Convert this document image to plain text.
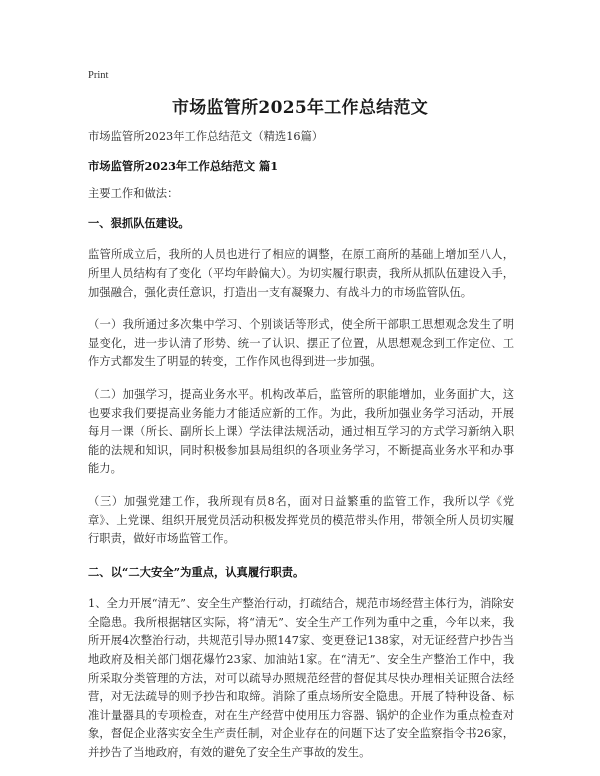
Print
市场监管所2025年工作总结范文

市场监管所2023年工作总结范文（精选16篇）

市场监管所2023年工作总结范文 篇1

主要工作和做法：

一、狠抓队伍建设。

监管所成立后，我所的人员也进行了相应的调整，在原工商所的基础上增加至八人，所里人员结构有了变化（平均年龄偏大）。为切实履行职责，我所从抓队伍建设入手，加强融合，强化责任意识，打造出一支有凝聚力、有战斗力的市场监管队伍。

（一）我所通过多次集中学习、个别谈话等形式，使全所干部职工思想观念发生了明显变化，进一步认清了形势、统一了认识、摆正了位置，从思想观念到工作定位、工作方式都发生了明显的转变，工作作风也得到进一步加强。

（二）加强学习，提高业务水平。机构改革后，监管所的职能增加，业务面扩大，这也要求我们要提高业务能力才能适应新的工作。为此，我所加强业务学习活动，开展每月一课（所长、副所长上课）学法律法规活动，通过相互学习的方式学习新纳入职能的法规和知识，同时积极参加县局组织的各项业务学习，不断提高业务水平和办事能力。

（三）加强党建工作，我所现有员8名，面对日益繁重的监管工作，我所以学《党章》、上党课、组织开展党员活动积极发挥党员的模范带头作用，带领全所人员切实履行职责，做好市场监管工作。

二、以“二大安全”为重点，认真履行职责。

1、全力开展“清无”、安全生产整治行动，打疏结合，规范市场经营主体行为，消除安全隐患。我所根据辖区实际，将“清无”、安全生产工作列为重中之重，今年以来，我所开展4次整治行动，共规范引导办照147家、变更登记138家，对无证经营户抄告当地政府及相关部门烟花爆竹23家、加油站1家。在“清无”、安全生产整治工作中，我所采取分类管理的方法，对可以疏导办照规范经营的督促其尽快办理相关证照合法经营，对无法疏导的则予抄告和取缔。消除了重点场所安全隐患。开展了特种设备、标准计量器具的专项检查，对在生产经营中使用压力容器、锅炉的企业作为重点检查对象，督促企业落实安全生产责任制，对企业存在的问题下达了安全监察指令书26家，并抄告了当地政府，有效的避免了安全生产事故的发生。
